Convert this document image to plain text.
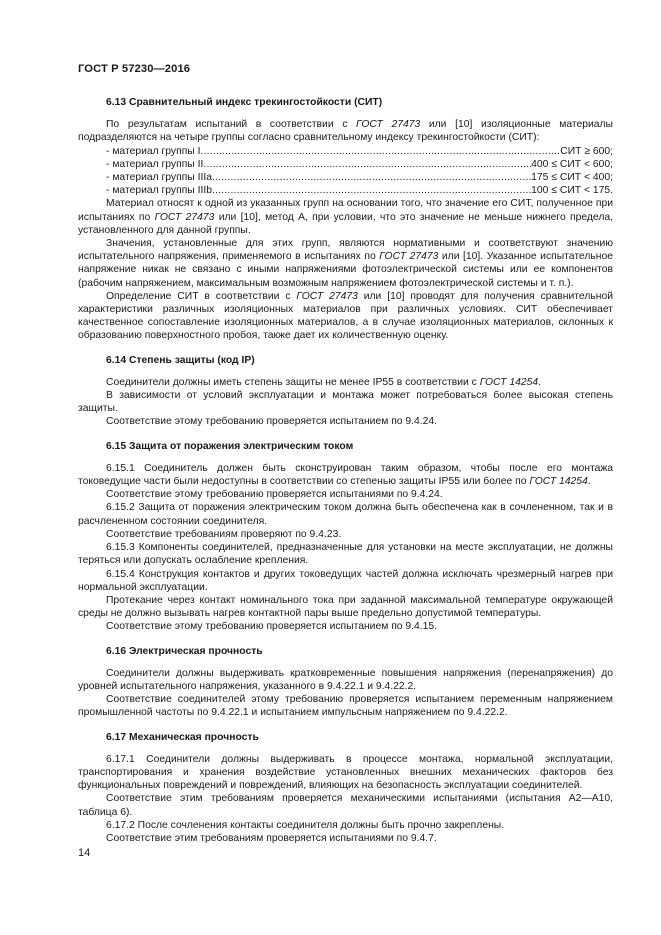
ГОСТ Р 57230—2016
6.13 Сравнительный индекс трекингостойкости (СИТ)
По результатам испытаний в соответствии с ГОСТ 27473 или [10] изоляционные материалы подразделяются на четыре группы согласно сравнительному индексу трекингостойкости (СИТ):
- материал группы I .....	СИТ ≥ 600;
- материал группы II .....	400 ≤ СИТ < 600;
- материал группы IIIa .....	175 ≤ СИТ < 400;
- материал группы IIIb .....	100 ≤ СИТ < 175.
Материал относят к одной из указанных групп на основании того, что значение его СИТ, полученное при испытаниях по ГОСТ 27473 или [10], метод А, при условии, что это значение не меньше нижнего предела, установленного для данной группы.
Значения, установленные для этих групп, являются нормативными и соответствуют значению испытательного напряжения, применяемого в испытаниях по ГОСТ 27473 или [10]. Указанное испытательное напряжение никак не связано с иными напряжениями фотоэлектрической системы или ее компонентов (рабочим напряжением, максимальным возможным напряжением фотоэлектрической системы и т. п.).
Определение СИТ в соответствии с ГОСТ 27473 или [10] проводят для получения сравнительной характеристики различных изоляционных материалов при различных условиях. СИТ обеспечивает качественное сопоставление изоляционных материалов, а в случае изоляционных материалов, склонных к образованию поверхностного пробоя, также дает их количественную оценку.
6.14 Степень защиты (код IP)
Соединители должны иметь степень защиты не менее IP55 в соответствии с ГОСТ 14254.
В зависимости от условий эксплуатации и монтажа может потребоваться более высокая степень защиты.
Соответствие этому требованию проверяется испытанием по 9.4.24.
6.15 Защита от поражения электрическим током
6.15.1 Соединитель должен быть сконструирован таким образом, чтобы после его монтажа токоведущие части были недоступны в соответствии со степенью защиты IP55 или более по ГОСТ 14254.
Соответствие этому требованию проверяется испытаниями по 9.4.24.
6.15.2 Защита от поражения электрическим током должна быть обеспечена как в сочлененном, так и в расчлененном состоянии соединителя.
Соответствие требованиям проверяют по 9.4.23.
6.15.3 Компоненты соединителей, предназначенные для установки на месте эксплуатации, не должны теряться или допускать ослабление крепления.
6.15.4 Конструкция контактов и других токоведущих частей должна исключать чрезмерный нагрев при нормальной эксплуатации.
Протекание через контакт номинального тока при заданной максимальной температуре окружающей среды не должно вызывать нагрев контактной пары выше предельно допустимой температуры.
Соответствие этому требованию проверяется испытанием по 9.4.15.
6.16 Электрическая прочность
Соединители должны выдерживать кратковременные повышения напряжения (перенапряжения) до уровней испытательного напряжения, указанного в 9.4.22.1 и 9.4.22.2.
Соответствие соединителей этому требованию проверяется испытанием переменным напряжением промышленной частоты по 9.4.22.1 и испытанием импульсным напряжением по 9.4.22.2.
6.17 Механическая прочность
6.17.1 Соединители должны выдерживать в процессе монтажа, нормальной эксплуатации, транспортирования и хранения воздействие установленных внешних механических факторов без функциональных повреждений и повреждений, влияющих на безопасность эксплуатации соединителей.
Соответствие этим требованиям проверяется механическими испытаниями (испытания А2—А10, таблица 6).
6.17.2 После сочленения контакты соединителя должны быть прочно закреплены.
Соответствие этим требованиям проверяется испытаниями по 9.4.7.
14
